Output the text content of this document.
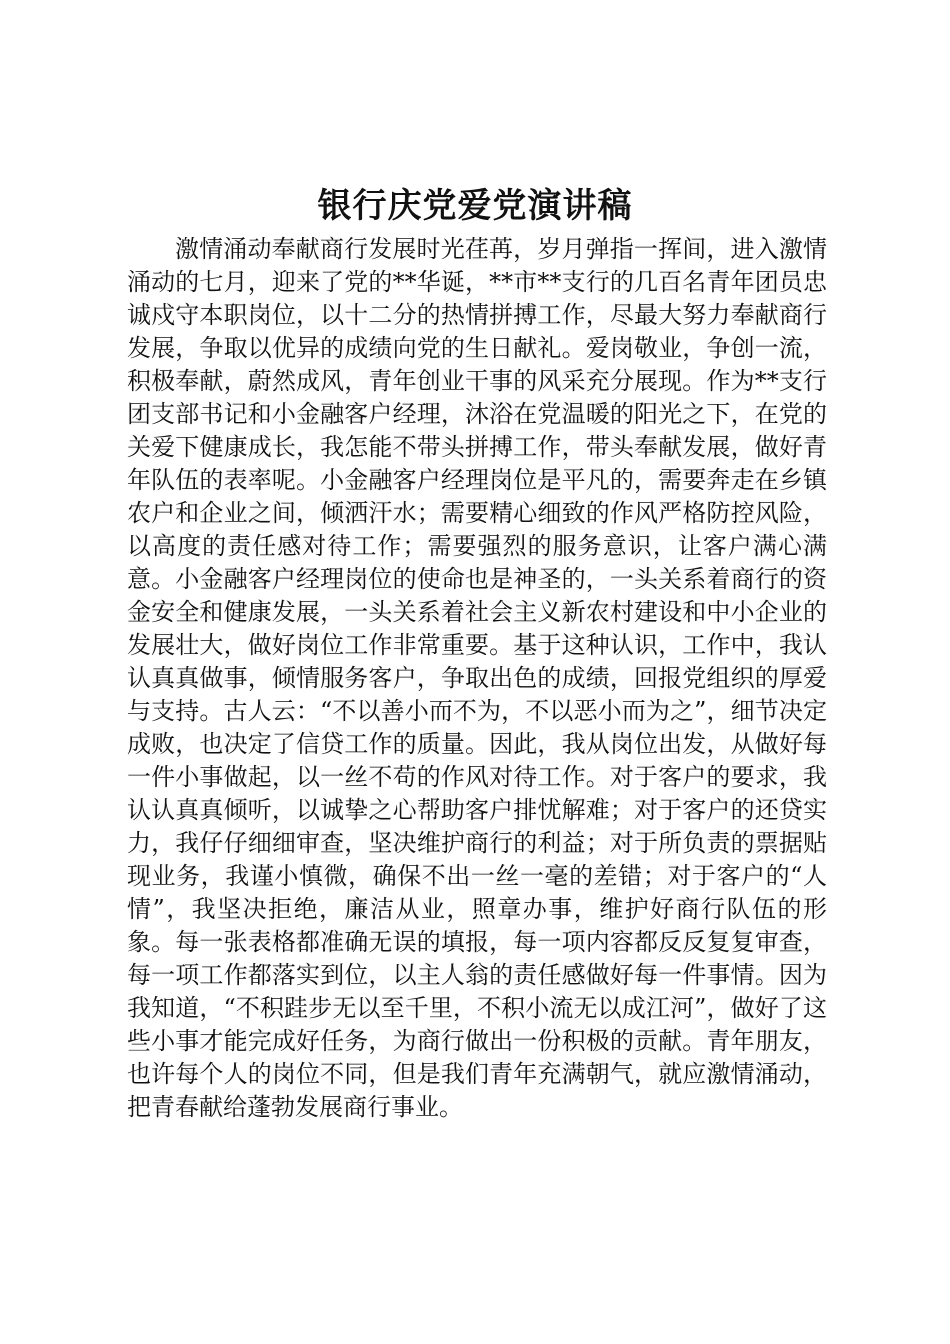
银行庆党爱党演讲稿

激情涌动奉献商行发展时光荏苒，岁月弹指一挥间，进入激情涌动的七月，迎来了党的**华诞，**市**支行的几百名青年团员忠诚戍守本职岗位，以十二分的热情拼搏工作，尽最大努力奉献商行发展，争取以优异的成绩向党的生日献礼。爱岗敬业，争创一流，积极奉献，蔚然成风，青年创业干事的风采充分展现。作为**支行团支部书记和小金融客户经理，沐浴在党温暖的阳光之下，在党的关爱下健康成长，我怎能不带头拼搏工作，带头奉献发展，做好青年队伍的表率呢。小金融客户经理岗位是平凡的，需要奔走在乡镇农户和企业之间，倾洒汗水；需要精心细致的作风严格防控风险，以高度的责任感对待工作；需要强烈的服务意识，让客户满心满意。小金融客户经理岗位的使命也是神圣的，一头关系着商行的资金安全和健康发展，一头关系着社会主义新农村建设和中小企业的发展壮大，做好岗位工作非常重要。基于这种认识，工作中，我认认真真做事，倾情服务客户，争取出色的成绩，回报党组织的厚爱与支持。古人云：“不以善小而不为，不以恶小而为之”，细节决定成败，也决定了信贷工作的质量。因此，我从岗位出发，从做好每一件小事做起，以一丝不苟的作风对待工作。对于客户的要求，我认认真真倾听，以诚挚之心帮助客户排忧解难；对于客户的还贷实力，我仔仔细细审查，坚决维护商行的利益；对于所负责的票据贴现业务，我谨小慎微，确保不出一丝一毫的差错；对于客户的“人情”，我坚决拒绝，廉洁从业，照章办事，维护好商行队伍的形象。每一张表格都准确无误的填报，每一项内容都反反复复审查，每一项工作都落实到位，以主人翁的责任感做好每一件事情。因为我知道，“不积跬步无以至千里，不积小流无以成江河”，做好了这些小事才能完成好任务，为商行做出一份积极的贡献。青年朋友，也许每个人的岗位不同，但是我们青年充满朝气，就应激情涌动，把青春献给蓬勃发展商行事业。
